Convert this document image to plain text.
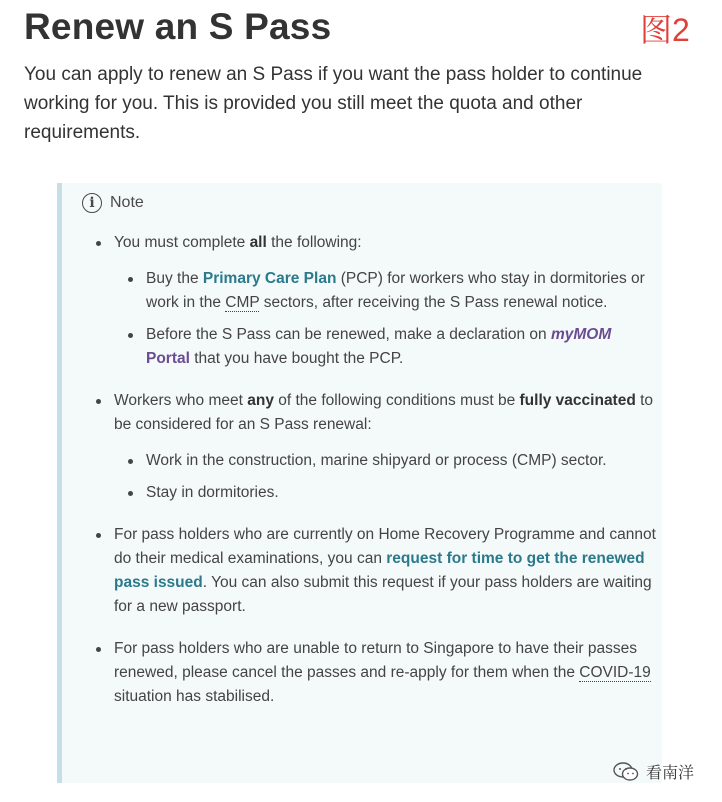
Renew an S Pass	图2

You can apply to renew an S Pass if you want the pass holder to continue working for you. This is provided you still meet the quota and other requirements.

i Note
You must complete all the following:
Buy the Primary Care Plan (PCP) for workers who stay in dormitories or work in the CMP sectors, after receiving the S Pass renewal notice.
Before the S Pass can be renewed, make a declaration on myMOM Portal that you have bought the PCP.
Workers who meet any of the following conditions must be fully vaccinated to be considered for an S Pass renewal:
Work in the construction, marine shipyard or process (CMP) sector.
Stay in dormitories.
For pass holders who are currently on Home Recovery Programme and cannot do their medical examinations, you can request for time to get the renewed pass issued. You can also submit this request if your pass holders are waiting for a new passport.
For pass holders who are unable to return to Singapore to have their passes renewed, please cancel the passes and re-apply for them when the COVID-19 situation has stabilised.
看南洋
